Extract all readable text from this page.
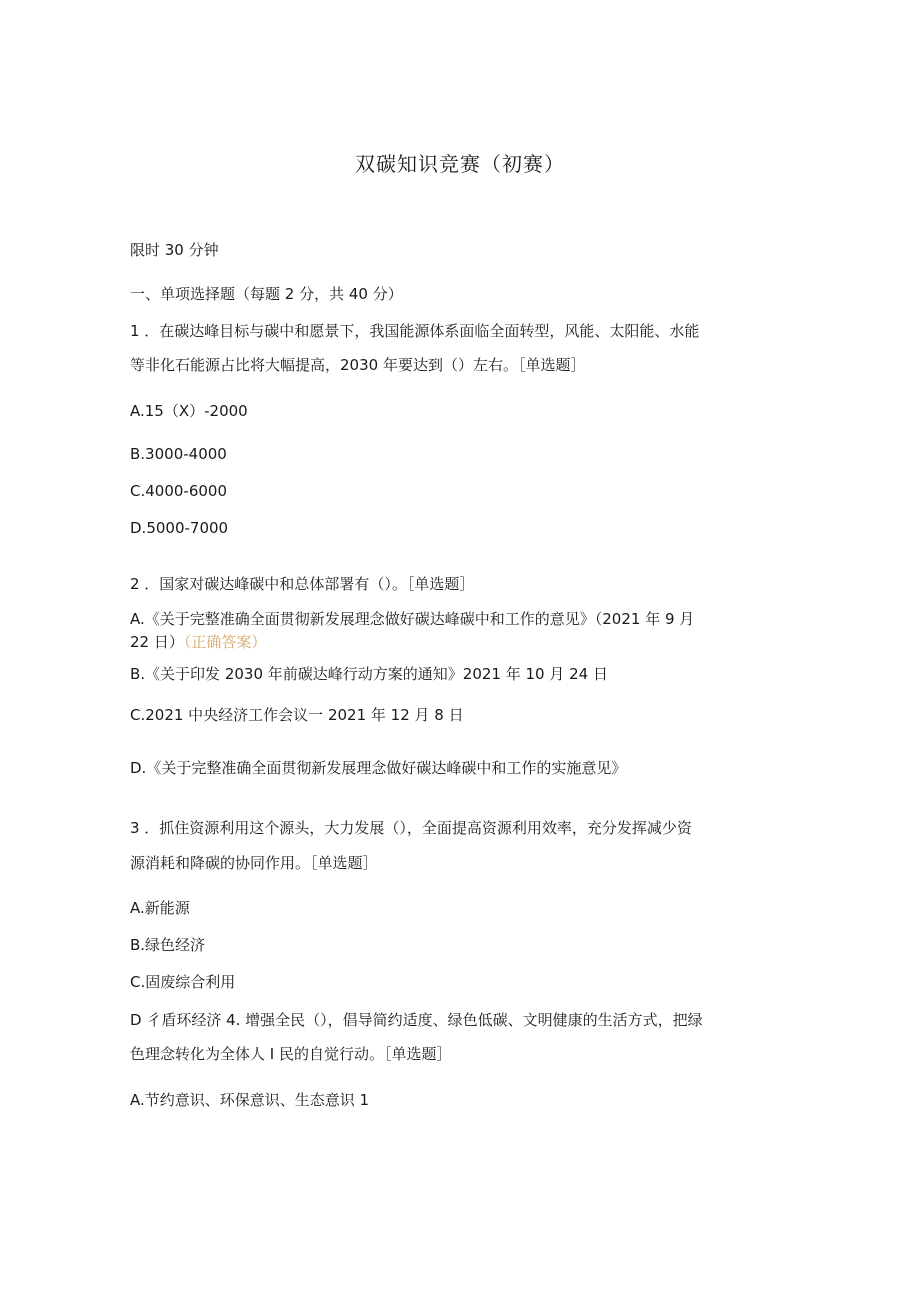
双碳知识竞赛（初赛）
限时 30 分钟
一、单项选择题（每题 2 分，共 40 分）
1 ．在碳达峰目标与碳中和愿景下，我国能源体系面临全面转型，风能、太阳能、水能
等非化石能源占比将大幅提高，2030 年要达到（）左右。［单选题］
A.15（X）-2000
B.3000-4000
C.4000-6000
D.5000-7000
2 ．国家对碳达峰碳中和总体部署有（）。［单选题］
A.《关于完整准确全面贯彻新发展理念做好碳达峰碳中和工作的意见》（2021 年 9 月
22 日）（正确答案）
B.《关于印发 2030 年前碳达峰行动方案的通知》2021 年 10 月 24 日
C.2021 中央经济工作会议一 2021 年 12 月 8 日
D.《关于完整准确全面贯彻新发展理念做好碳达峰碳中和工作的实施意见》
3 ．抓住资源利用这个源头，大力发展（），全面提高资源利用效率，充分发挥减少资
源消耗和降碳的协同作用。［单选题］
A.新能源
B.绿色经济
C.固废综合利用
D 彳盾环经济 4. 增强全民（），倡导简约适度、绿色低碳、文明健康的生活方式，把绿
色理念转化为全体人 I 民的自觉行动。［单选题］
A.节约意识、环保意识、生态意识 1
